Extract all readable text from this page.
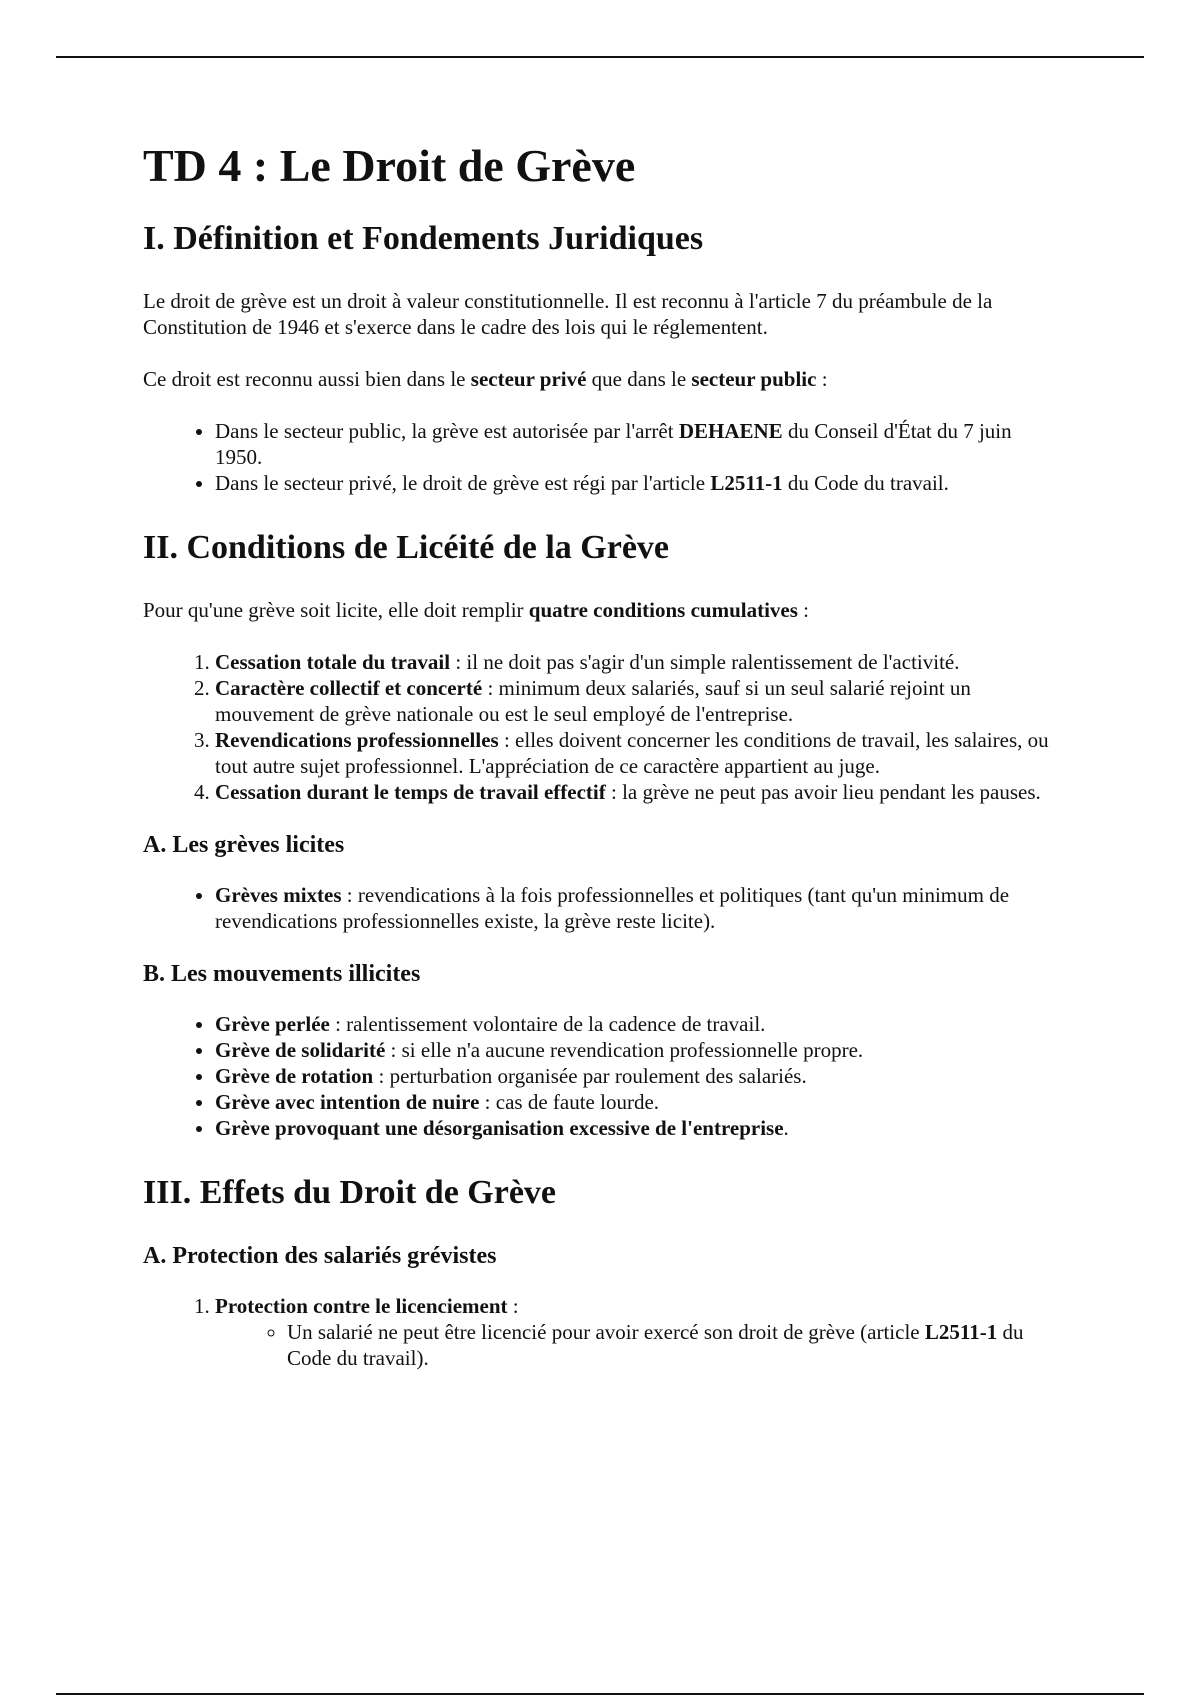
TD 4 : Le Droit de Grève
I. Définition et Fondements Juridiques

Le droit de grève est un droit à valeur constitutionnelle. Il est reconnu à l'article 7 du préambule de la Constitution de 1946 et s'exerce dans le cadre des lois qui le réglementent.

Ce droit est reconnu aussi bien dans le secteur privé que dans le secteur public :

• Dans le secteur public, la grève est autorisée par l'arrêt DEHAENE du Conseil d'État du 7 juin 1950.
• Dans le secteur privé, le droit de grève est régi par l'article L2511-1 du Code du travail.
II. Conditions de Licéité de la Grève

Pour qu'une grève soit licite, elle doit remplir quatre conditions cumulatives :

1. Cessation totale du travail : il ne doit pas s'agir d'un simple ralentissement de l'activité.
2. Caractère collectif et concerté : minimum deux salariés, sauf si un seul salarié rejoint un mouvement de grève nationale ou est le seul employé de l'entreprise.
3. Revendications professionnelles : elles doivent concerner les conditions de travail, les salaires, ou tout autre sujet professionnel. L'appréciation de ce caractère appartient au juge.
4. Cessation durant le temps de travail effectif : la grève ne peut pas avoir lieu pendant les pauses.
A. Les grèves licites
• Grèves mixtes : revendications à la fois professionnelles et politiques (tant qu'un minimum de revendications professionnelles existe, la grève reste licite).
B. Les mouvements illicites
• Grève perlée : ralentissement volontaire de la cadence de travail.
• Grève de solidarité : si elle n'a aucune revendication professionnelle propre.
• Grève de rotation : perturbation organisée par roulement des salariés.
• Grève avec intention de nuire : cas de faute lourde.
• Grève provoquant une désorganisation excessive de l'entreprise.
III. Effets du Droit de Grève
A. Protection des salariés grévistes
1. Protection contre le licenciement :
◦ Un salarié ne peut être licencié pour avoir exercé son droit de grève (article L2511-1 du Code du travail).
